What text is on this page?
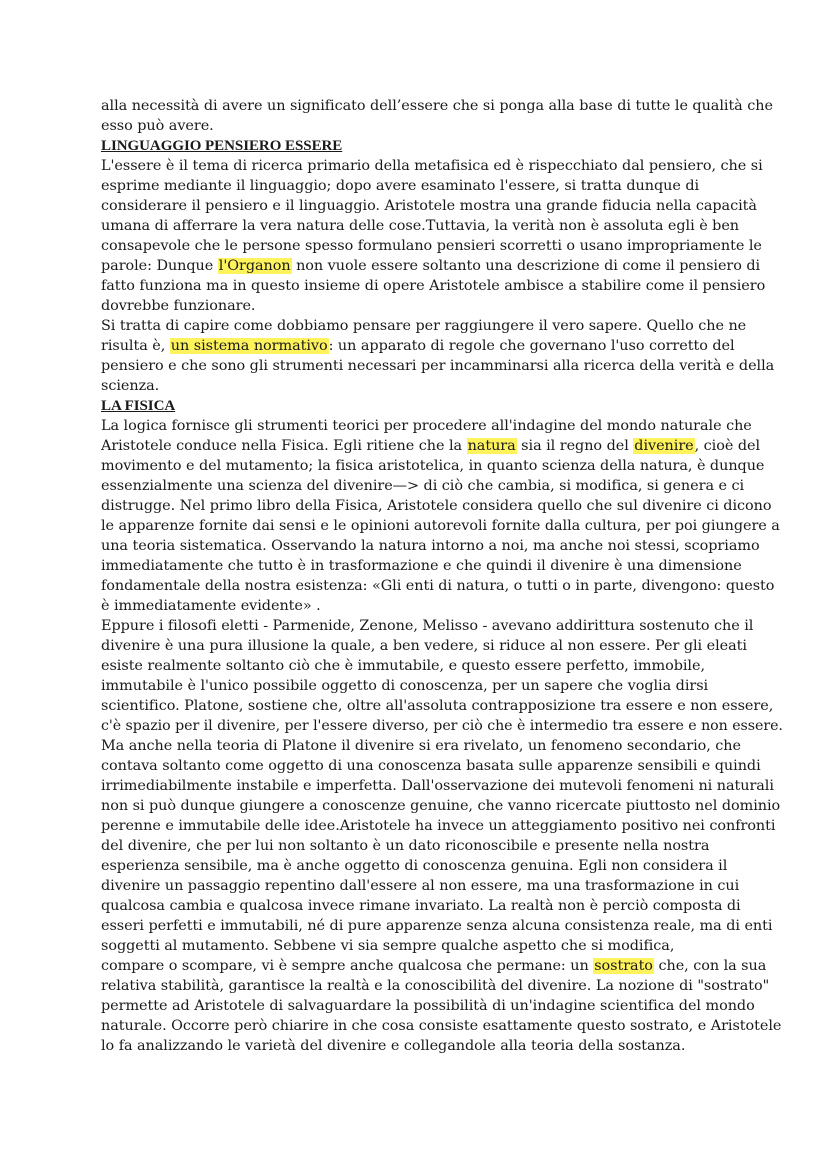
alla necessità di avere un significato dell’essere che si ponga alla base di tutte le qualità che
esso può avere.
LINGUAGGIO PENSIERO ESSERE
L'essere è il tema di ricerca primario della metafisica ed è rispecchiato dal pensiero, che si
esprime mediante il linguaggio; dopo avere esaminato l'essere, si tratta dunque di
considerare il pensiero e il linguaggio. Aristotele mostra una grande fiducia nella capacità
umana di afferrare la vera natura delle cose.Tuttavia, la verità non è assoluta egli è ben
consapevole che le persone spesso formulano pensieri scorretti o usano impropriamente le
parole: Dunque l'Organon non vuole essere soltanto una descrizione di come il pensiero di
fatto funziona ma in questo insieme di opere Aristotele ambisce a stabilire come il pensiero
dovrebbe funzionare.
Si tratta di capire come dobbiamo pensare per raggiungere il vero sapere. Quello che ne
risulta è, un sistema normativo: un apparato di regole che governano l'uso corretto del
pensiero e che sono gli strumenti necessari per incamminarsi alla ricerca della verità e della
scienza.
LA FISICA
La logica fornisce gli strumenti teorici per procedere all'indagine del mondo naturale che
Aristotele conduce nella Fisica. Egli ritiene che la natura sia il regno del divenire, cioè del
movimento e del mutamento; la fisica aristotelica, in quanto scienza della natura, è dunque
essenzialmente una scienza del divenire—> di ciò che cambia, si modifica, si genera e ci
distrugge. Nel primo libro della Fisica, Aristotele considera quello che sul divenire ci dicono
le apparenze fornite dai sensi e le opinioni autorevoli fornite dalla cultura, per poi giungere a
una teoria sistematica. Osservando la natura intorno a noi, ma anche noi stessi, scopriamo
immediatamente che tutto è in trasformazione e che quindi il divenire è una dimensione
fondamentale della nostra esistenza: «Gli enti di natura, o tutti o in parte, divengono: questo
è immediatamente evidente» .
Eppure i filosofi eletti - Parmenide, Zenone, Melisso - avevano addirittura sostenuto che il
divenire è una pura illusione la quale, a ben vedere, si riduce al non essere. Per gli eleati
esiste realmente soltanto ciò che è immutabile, e questo essere perfetto, immobile,
immutabile è l'unico possibile oggetto di conoscenza, per un sapere che voglia dirsi
scientifico. Platone, sostiene che, oltre all'assoluta contrapposizione tra essere e non essere,
c'è spazio per il divenire, per l'essere diverso, per ciò che è intermedio tra essere e non essere.
Ma anche nella teoria di Platone il divenire si era rivelato, un fenomeno secondario, che
contava soltanto come oggetto di una conoscenza basata sulle apparenze sensibili e quindi
irrimediabilmente instabile e imperfetta. Dall'osservazione dei mutevoli fenomeni ni naturali
non si può dunque giungere a conoscenze genuine, che vanno ricercate piuttosto nel dominio
perenne e immutabile delle idee.Aristotele ha invece un atteggiamento positivo nei confronti
del divenire, che per lui non soltanto è un dato riconoscibile e presente nella nostra
esperienza sensibile, ma è anche oggetto di conoscenza genuina. Egli non considera il
divenire un passaggio repentino dall'essere al non essere, ma una trasformazione in cui
qualcosa cambia e qualcosa invece rimane invariato. La realtà non è perciò composta di
esseri perfetti e immutabili, né di pure apparenze senza alcuna consistenza reale, ma di enti
soggetti al mutamento. Sebbene vi sia sempre qualche aspetto che si modifica,
compare o scompare, vi è sempre anche qualcosa che permane: un sostrato che, con la sua
relativa stabilità, garantisce la realtà e la conoscibilità del divenire. La nozione di "sostrato"
permette ad Aristotele di salvaguardare la possibilità di un'indagine scientifica del mondo
naturale. Occorre però chiarire in che cosa consiste esattamente questo sostrato, e Aristotele
lo fa analizzando le varietà del divenire e collegandole alla teoria della sostanza.
